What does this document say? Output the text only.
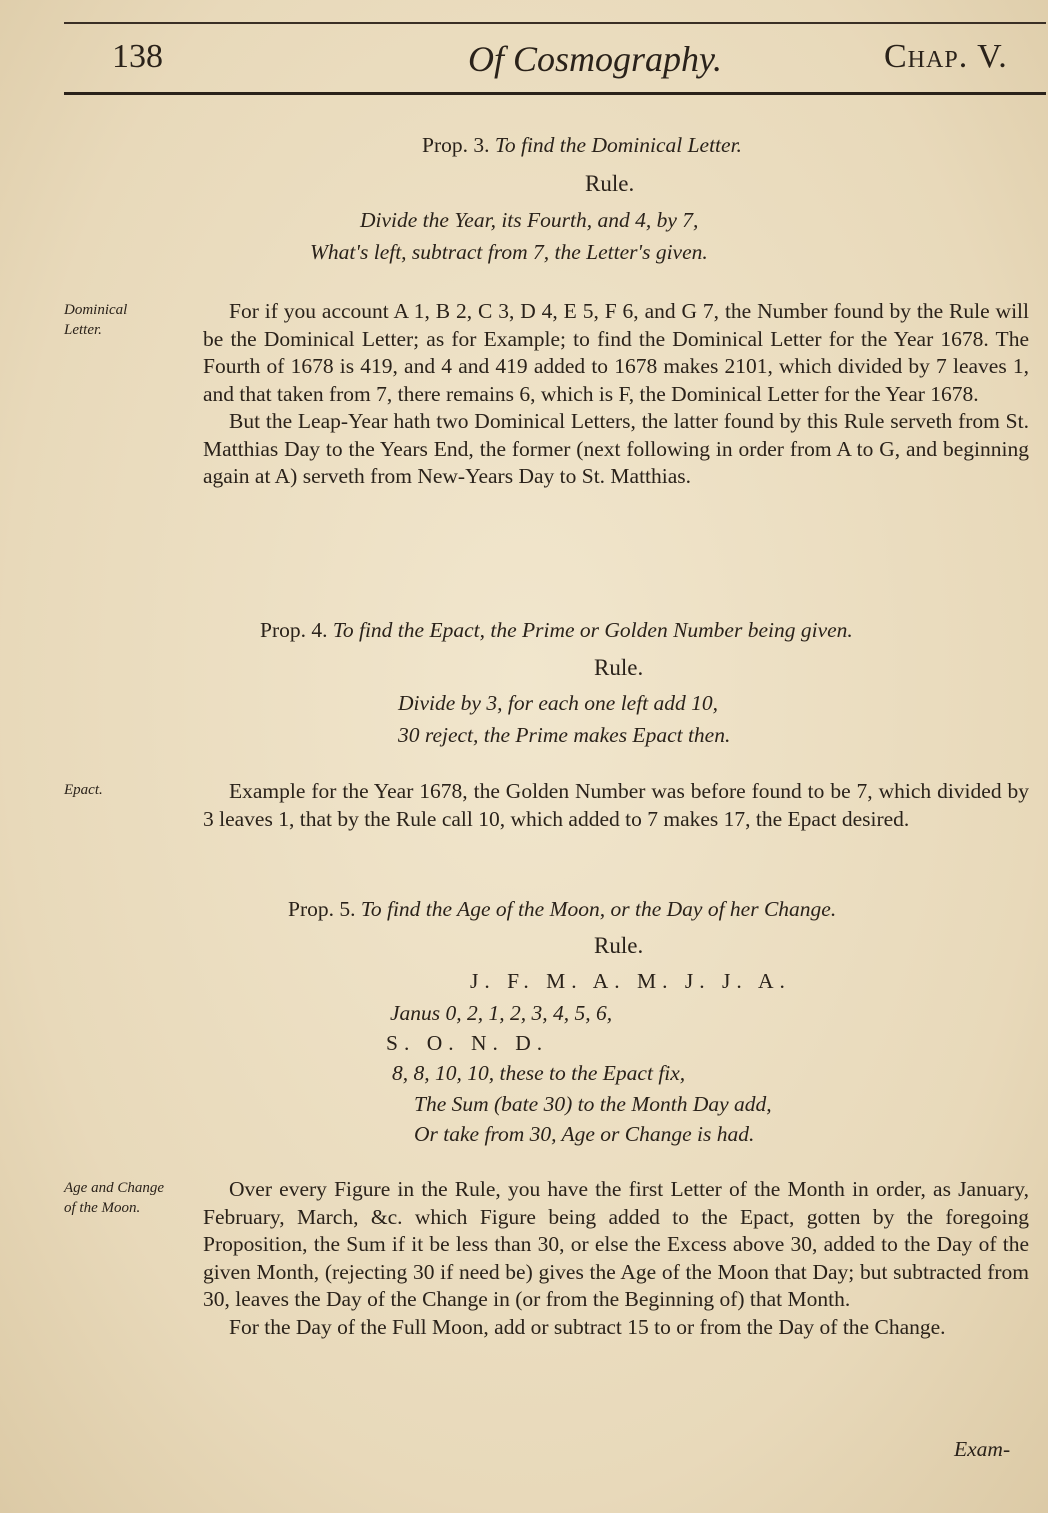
138	Of Cosmography.	Chap. V.
Prop. 3. To find the Dominical Letter.
Rule.
Divide the Year, its Fourth, and 4, by 7,
What's left, subtract from 7, the Letter's given.
Dominical
Letter.

For if you account A 1, B 2, C 3, D 4, E 5, F 6, and G 7, the Number found by the Rule will be the Dominical Letter; as for Example; to find the Dominical Letter for the Year 1678. The Fourth of 1678 is 419, and 4 and 419 added to 1678 makes 2101, which divided by 7 leaves 1, and that taken from 7, there remains 6, which is F, the Dominical Letter for the Year 1678.

But the Leap-Year hath two Dominical Letters, the latter found by this Rule serveth from St. Matthias Day to the Years End, the former (next following in order from A to G, and beginning again at A) serveth from New-Years Day to St. Matthias.

Prop. 4. To find the Epact, the Prime or Golden Number being given.
Rule.
Divide by 3, for each one left add 10,
30 reject, the Prime makes Epact then.
Epact.	Example for the Year 1678, the Golden Number was before found to be 7, which divided by 3 leaves 1, that by the Rule call 10, which added to 7 makes 17, the Epact desired.

Prop. 5. To find the Age of the Moon, or the Day of her Change.
Rule.
J. F. M. A. M. J. J. A.
Janus 0, 2, 1, 2, 3, 4, 5, 6,
S. O. N. D.
8, 8, 10, 10, these to the Epact fix,
The Sum (bate 30) to the Month Day add,
Or take from 30, Age or Change is had.
Age and Change
of the Moon.

Over every Figure in the Rule, you have the first Letter of the Month in order, as January, February, March, &c. which Figure being added to the Epact, gotten by the foregoing Proposition, the Sum if it be less than 30, or else the Excess above 30, added to the Day of the given Month, (rejecting 30 if need be) gives the Age of the Moon that Day; but subtracted from 30, leaves the Day of the Change in (or from the Beginning of) that Month.

For the Day of the Full Moon, add or subtract 15 to or from the Day of the Change.

Exam-
